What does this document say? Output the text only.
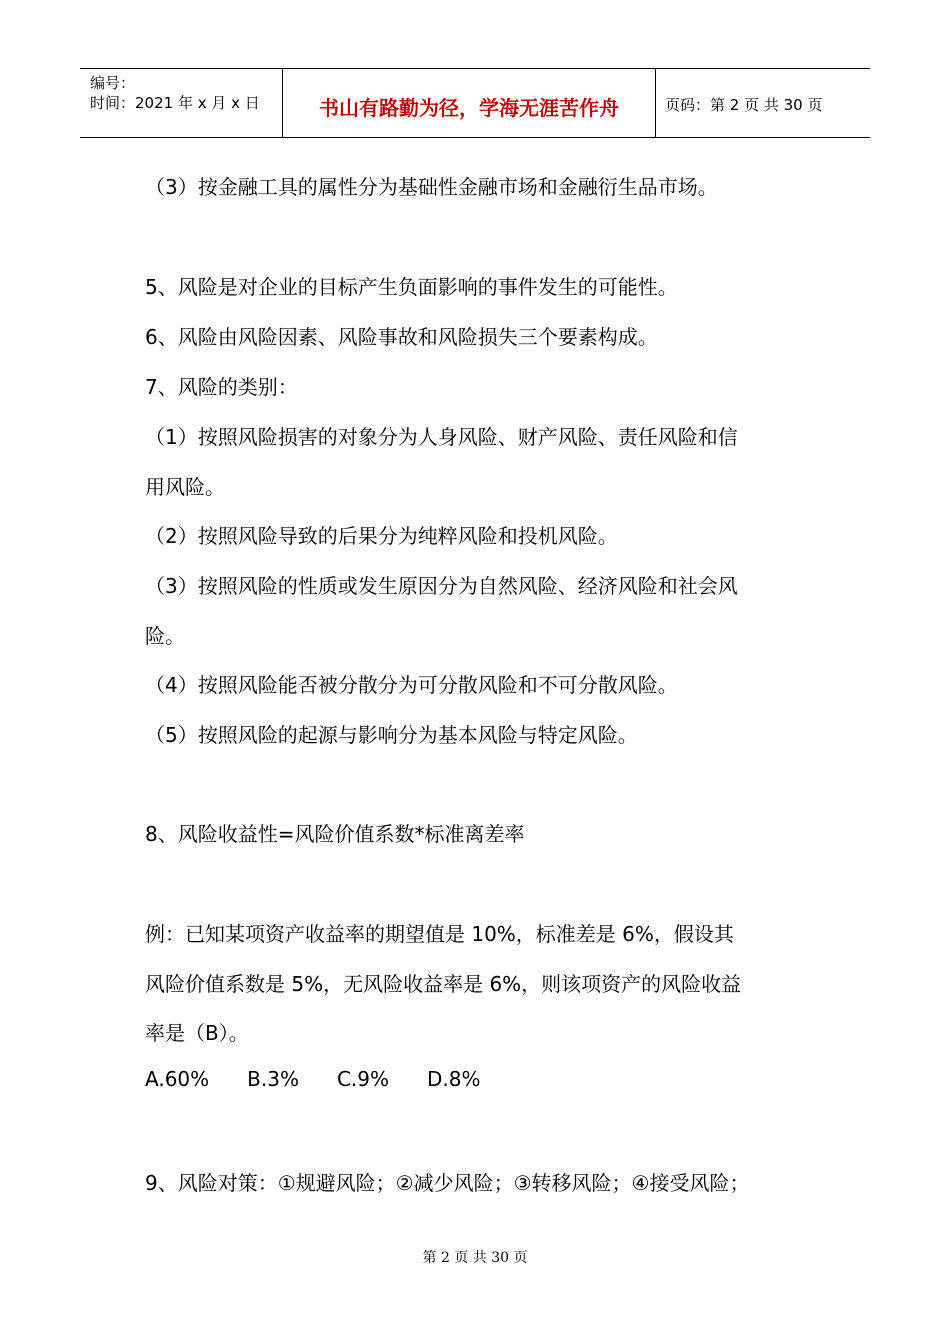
编号：
时间：2021 年 x 月 x 日	书山有路勤为径，学海无涯苦作舟	页码：第 2 页 共 30 页
（3）按金融工具的属性分为基础性金融市场和金融衍生品市场。
5、风险是对企业的目标产生负面影响的事件发生的可能性。
6、风险由风险因素、风险事故和风险损失三个要素构成。
7、风险的类别：
（1）按照风险损害的对象分为人身风险、财产风险、责任风险和信
用风险。
（2）按照风险导致的后果分为纯粹风险和投机风险。
（3）按照风险的性质或发生原因分为自然风险、经济风险和社会风
险。
（4）按照风险能否被分散分为可分散风险和不可分散风险。
（5）按照风险的起源与影响分为基本风险与特定风险。
8、风险收益性=风险价值系数*标准离差率
例：已知某项资产收益率的期望值是 10%，标准差是 6%，假设其
风险价值系数是 5%，无风险收益率是 6%，则该项资产的风险收益
率是（B）。
A.60% B.3% C.9% D.8%
9、风险对策：①规避风险；②减少风险；③转移风险；④接受风险；
第 2 页 共 30 页
